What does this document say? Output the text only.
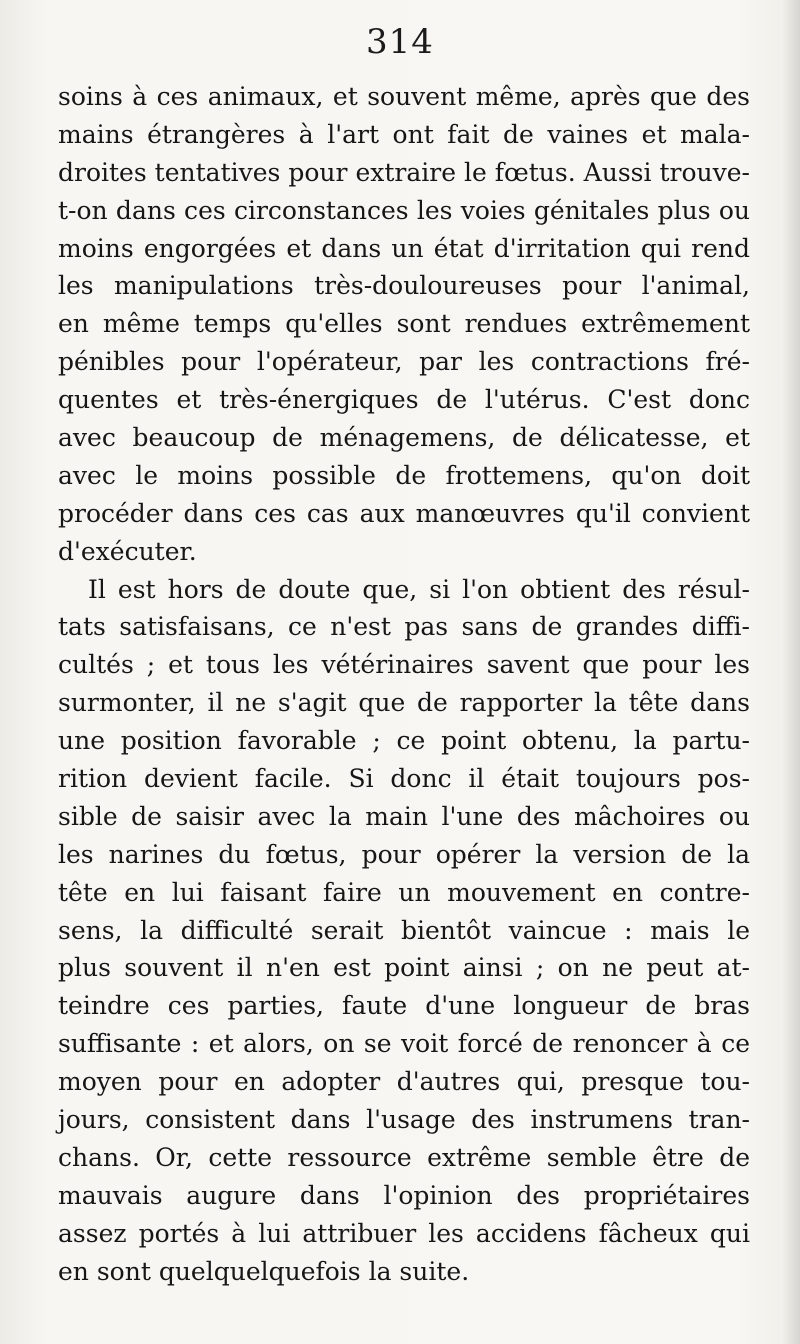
314
soins à ces animaux, et souvent même, après que des
mains étrangères à l'art ont fait de vaines et mala-
droites tentatives pour extraire le fœtus. Aussi trouve-
t-on dans ces circonstances les voies génitales plus ou
moins engorgées et dans un état d'irritation qui rend
les manipulations très-douloureuses pour l'animal,
en même temps qu'elles sont rendues extrêmement
pénibles pour l'opérateur, par les contractions fré-
quentes et très-énergiques de l'utérus. C'est donc
avec beaucoup de ménagemens, de délicatesse, et
avec le moins possible de frottemens, qu'on doit
procéder dans ces cas aux manœuvres qu'il convient
d'exécuter.
Il est hors de doute que, si l'on obtient des résul-
tats satisfaisans, ce n'est pas sans de grandes diffi-
cultés ; et tous les vétérinaires savent que pour les
surmonter, il ne s'agit que de rapporter la tête dans
une position favorable ; ce point obtenu, la partu-
rition devient facile. Si donc il était toujours pos-
sible de saisir avec la main l'une des mâchoires ou
les narines du fœtus, pour opérer la version de la
tête en lui faisant faire un mouvement en contre-
sens, la difficulté serait bientôt vaincue : mais le
plus souvent il n'en est point ainsi ; on ne peut at-
teindre ces parties, faute d'une longueur de bras
suffisante : et alors, on se voit forcé de renoncer à ce
moyen pour en adopter d'autres qui, presque tou-
jours, consistent dans l'usage des instrumens tran-
chans. Or, cette ressource extrême semble être de
mauvais augure dans l'opinion des propriétaires
assez portés à lui attribuer les accidens fâcheux qui
en sont quelquelquefois la suite.
